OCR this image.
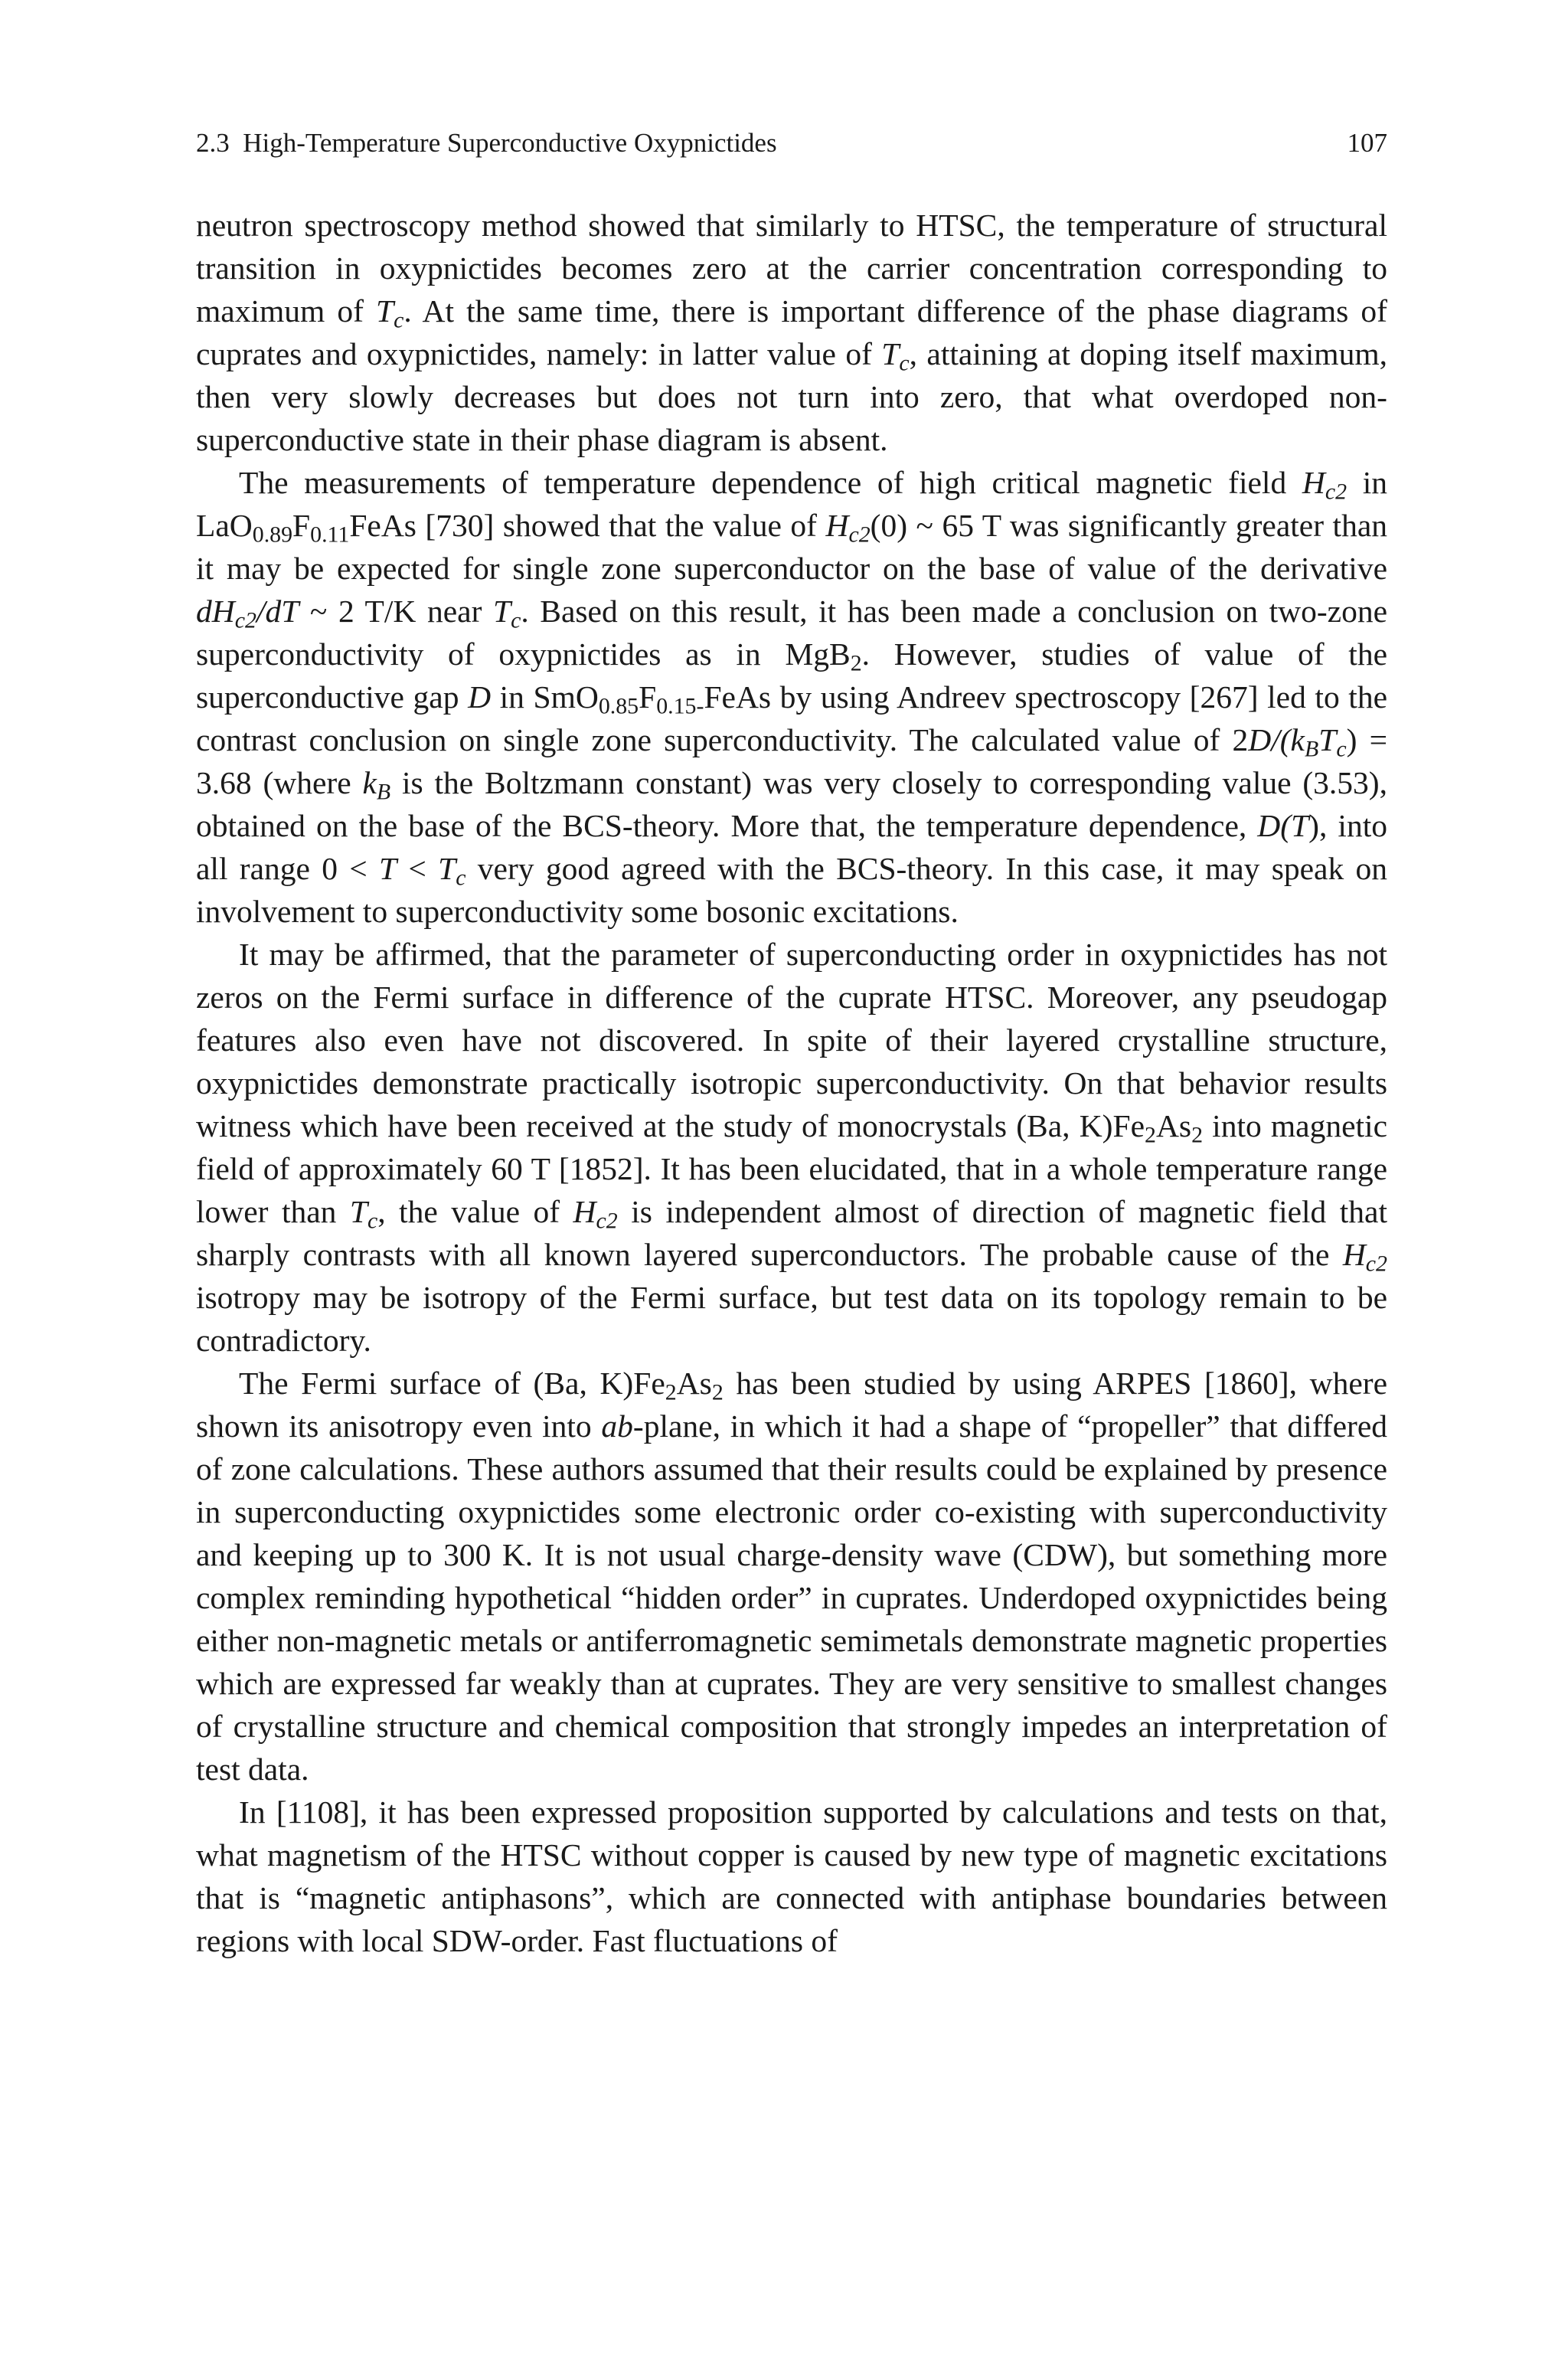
2.3  High-Temperature Superconductive Oxypnictides	107

neutron spectroscopy method showed that similarly to HTSC, the temperature of structural transition in oxypnictides becomes zero at the carrier concentration corresponding to maximum of $T_c$. At the same time, there is important difference of the phase diagrams of cuprates and oxypnictides, namely: in latter value of $T_c$, attaining at doping itself maximum, then very slowly decreases but does not turn into zero, that what overdoped non-superconductive state in their phase diagram is absent.

The measurements of temperature dependence of high critical magnetic field $H_{c2}$ in $LaO_{0.89}F_{0.11}FeAs$ [730] showed that the value of $H_{c2}(0)$ ~ 65 T was significantly greater than it may be expected for single zone superconductor on the base of value of the derivative $dH_{c2}/dT$ ~ 2 T/K near $T_c$. Based on this result, it has been made a conclusion on two-zone superconductivity of oxypnictides as in MgB$_2$. However, studies of value of the superconductive gap D in $SmO_{0.85}F_{0.15-}FeAs$ by using Andreev spectroscopy [267] led to the contrast conclusion on single zone superconductivity. The calculated value of $2D/(k_BT_c) = 3.68$ (where $k_B$ is the Boltzmann constant) was very closely to corresponding value (3.53), obtained on the base of the BCS-theory. More that, the temperature dependence, D(T), into all range $0 < T < T_c$ very good agreed with the BCS-theory. In this case, it may speak on involvement to superconductivity some bosonic excitations.

It may be affirmed, that the parameter of superconducting order in oxypnictides has not zeros on the Fermi surface in difference of the cuprate HTSC. Moreover, any pseudogap features also even have not discovered. In spite of their layered crystalline structure, oxypnictides demonstrate practically isotropic superconductivity. On that behavior results witness which have been received at the study of monocrystals (Ba, $K)Fe_2As_2$ into magnetic field of approximately 60 T [1852]. It has been elucidated, that in a whole temperature range lower than $T_c$, the value of $H_{c2}$ is independent almost of direction of magnetic field that sharply contrasts with all known layered superconductors. The probable cause of the $H_{c2}$ isotropy may be isotropy of the Fermi surface, but test data on its topology remain to be contradictory.

The Fermi surface of (Ba, $K)Fe_2As_2$ has been studied by using ARPES [1860], where shown its anisotropy even into ab-plane, in which it had a shape of “propeller” that differed of zone calculations. These authors assumed that their results could be explained by presence in superconducting oxypnictides some electronic order co-existing with superconductivity and keeping up to 300 K. It is not usual charge-density wave (CDW), but something more complex reminding hypothetical “hidden order” in cuprates. Underdoped oxypnictides being either non-magnetic metals or antiferromagnetic semimetals demonstrate magnetic properties which are expressed far weakly than at cuprates. They are very sensitive to smallest changes of crystalline structure and chemical composition that strongly impedes an interpretation of test data.

In [1108], it has been expressed proposition supported by calculations and tests on that, what magnetism of the HTSC without copper is caused by new type of magnetic excitations that is “magnetic antiphasons”, which are connected with antiphase boundaries between regions with local SDW-order. Fast fluctuations of
